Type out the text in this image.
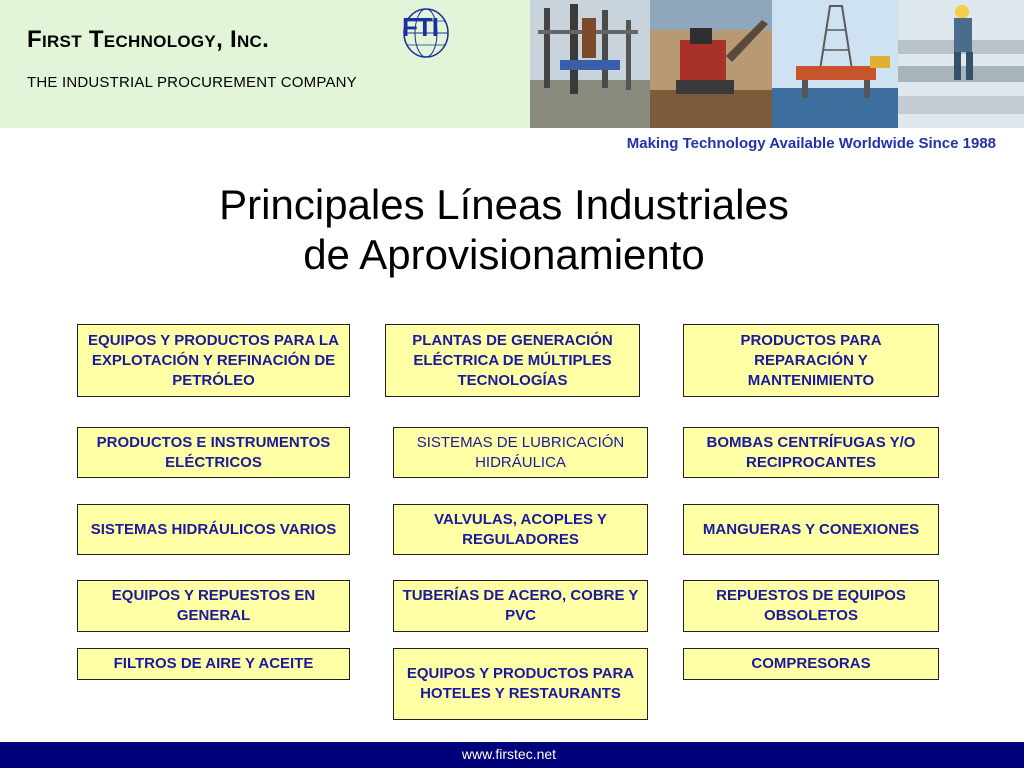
First Technology, Inc.
THE INDUSTRIAL PROCUREMENT COMPANY
FTI
Making Technology Available Worldwide Since 1988
Principales Líneas Industriales
de Aprovisionamiento
EQUIPOS Y PRODUCTOS PARA LA EXPLOTACIÓN Y REFINACIÓN DE PETRÓLEO
PLANTAS DE GENERACIÓN ELÉCTRICA DE MÚLTIPLES TECNOLOGÍAS
PRODUCTOS PARA REPARACIÓN Y MANTENIMIENTO
PRODUCTOS E INSTRUMENTOS ELÉCTRICOS
SISTEMAS DE LUBRICACIÓN HIDRÁULICA
BOMBAS CENTRÍFUGAS Y/O RECIPROCANTES
SISTEMAS HIDRÁULICOS VARIOS
VALVULAS, ACOPLES Y REGULADORES
MANGUERAS Y CONEXIONES
EQUIPOS Y REPUESTOS EN GENERAL
TUBERÍAS DE ACERO, COBRE Y PVC
REPUESTOS DE EQUIPOS OBSOLETOS
FILTROS DE AIRE Y ACEITE
EQUIPOS Y PRODUCTOS PARA HOTELES Y RESTAURANTS
COMPRESORAS
www.firstec.net
